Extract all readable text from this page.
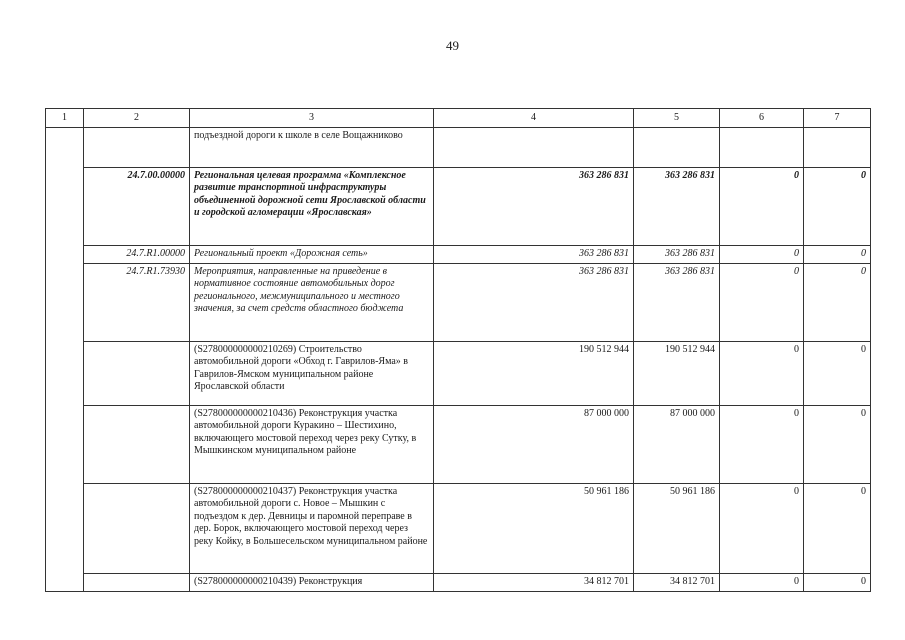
49
1	2	3	4	5	6	7
		подъездной дороги к школе в селе Вощажниково				
	24.7.00.00000	Региональная целевая программа «Комплексное развитие транспортной инфраструктуры объединенной дорожной сети Ярославской области и городской агломерации «Ярославская»	363 286 831	363 286 831	0	0
	24.7.R1.00000	Региональный проект «Дорожная сеть»	363 286 831	363 286 831	0	0
	24.7.R1.73930	Мероприятия, направленные на приведение в нормативное состояние автомобильных дорог регионального, межмуниципального и местного значения, за счет средств областного бюджета	363 286 831	363 286 831	0	0
		(S278000000000210269) Строительство автомобильной дороги «Обход г. Гаврилов-Яма» в Гаврилов-Ямском муниципальном районе Ярославской области	190 512 944	190 512 944	0	0
		(S278000000000210436) Реконструкция участка автомобильной дороги Куракино – Шестихино, включающего мостовой переход через реку Сутку, в Мышкинском муниципальном районе	87 000 000	87 000 000	0	0
		(S278000000000210437) Реконструкция участка автомобильной дороги с. Новое – Мышкин с подъездом к дер. Девницы и паромной переправе в дер. Борок, включающего мостовой переход через реку Койку, в Большесельском муниципальном районе	50 961 186	50 961 186	0	0
		(S278000000000210439) Реконструкция	34 812 701	34 812 701	0	0
